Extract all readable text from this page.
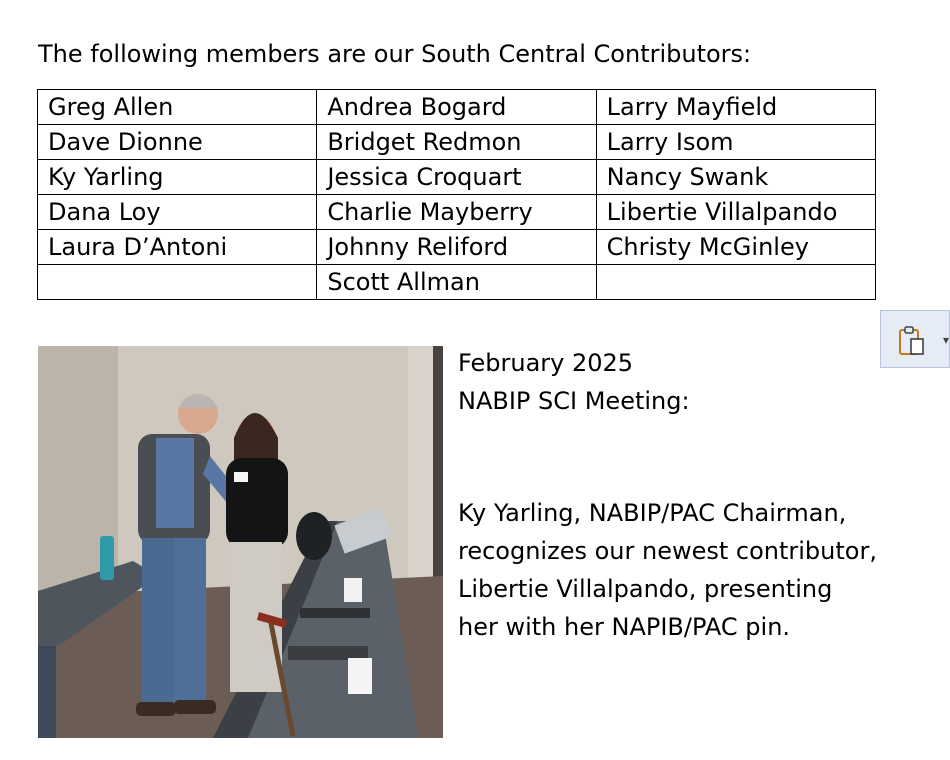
The following members are our South Central Contributors:
Greg Allen	Andrea Bogard	Larry Mayfield
Dave Dionne	Bridget Redmon	Larry Isom
Ky Yarling	Jessica Croquart	Nancy Swank
Dana Loy	Charlie Mayberry	Libertie Villalpando
Laura D’Antoni	Johnny Reliford	Christy McGinley
	Scott Allman	

February 2025

NABIP SCI Meeting:

Ky Yarling, NABIP/PAC Chairman, recognizes our newest contributor, Libertie Villalpando, presenting her with her NAPIB/PAC pin.

▾
